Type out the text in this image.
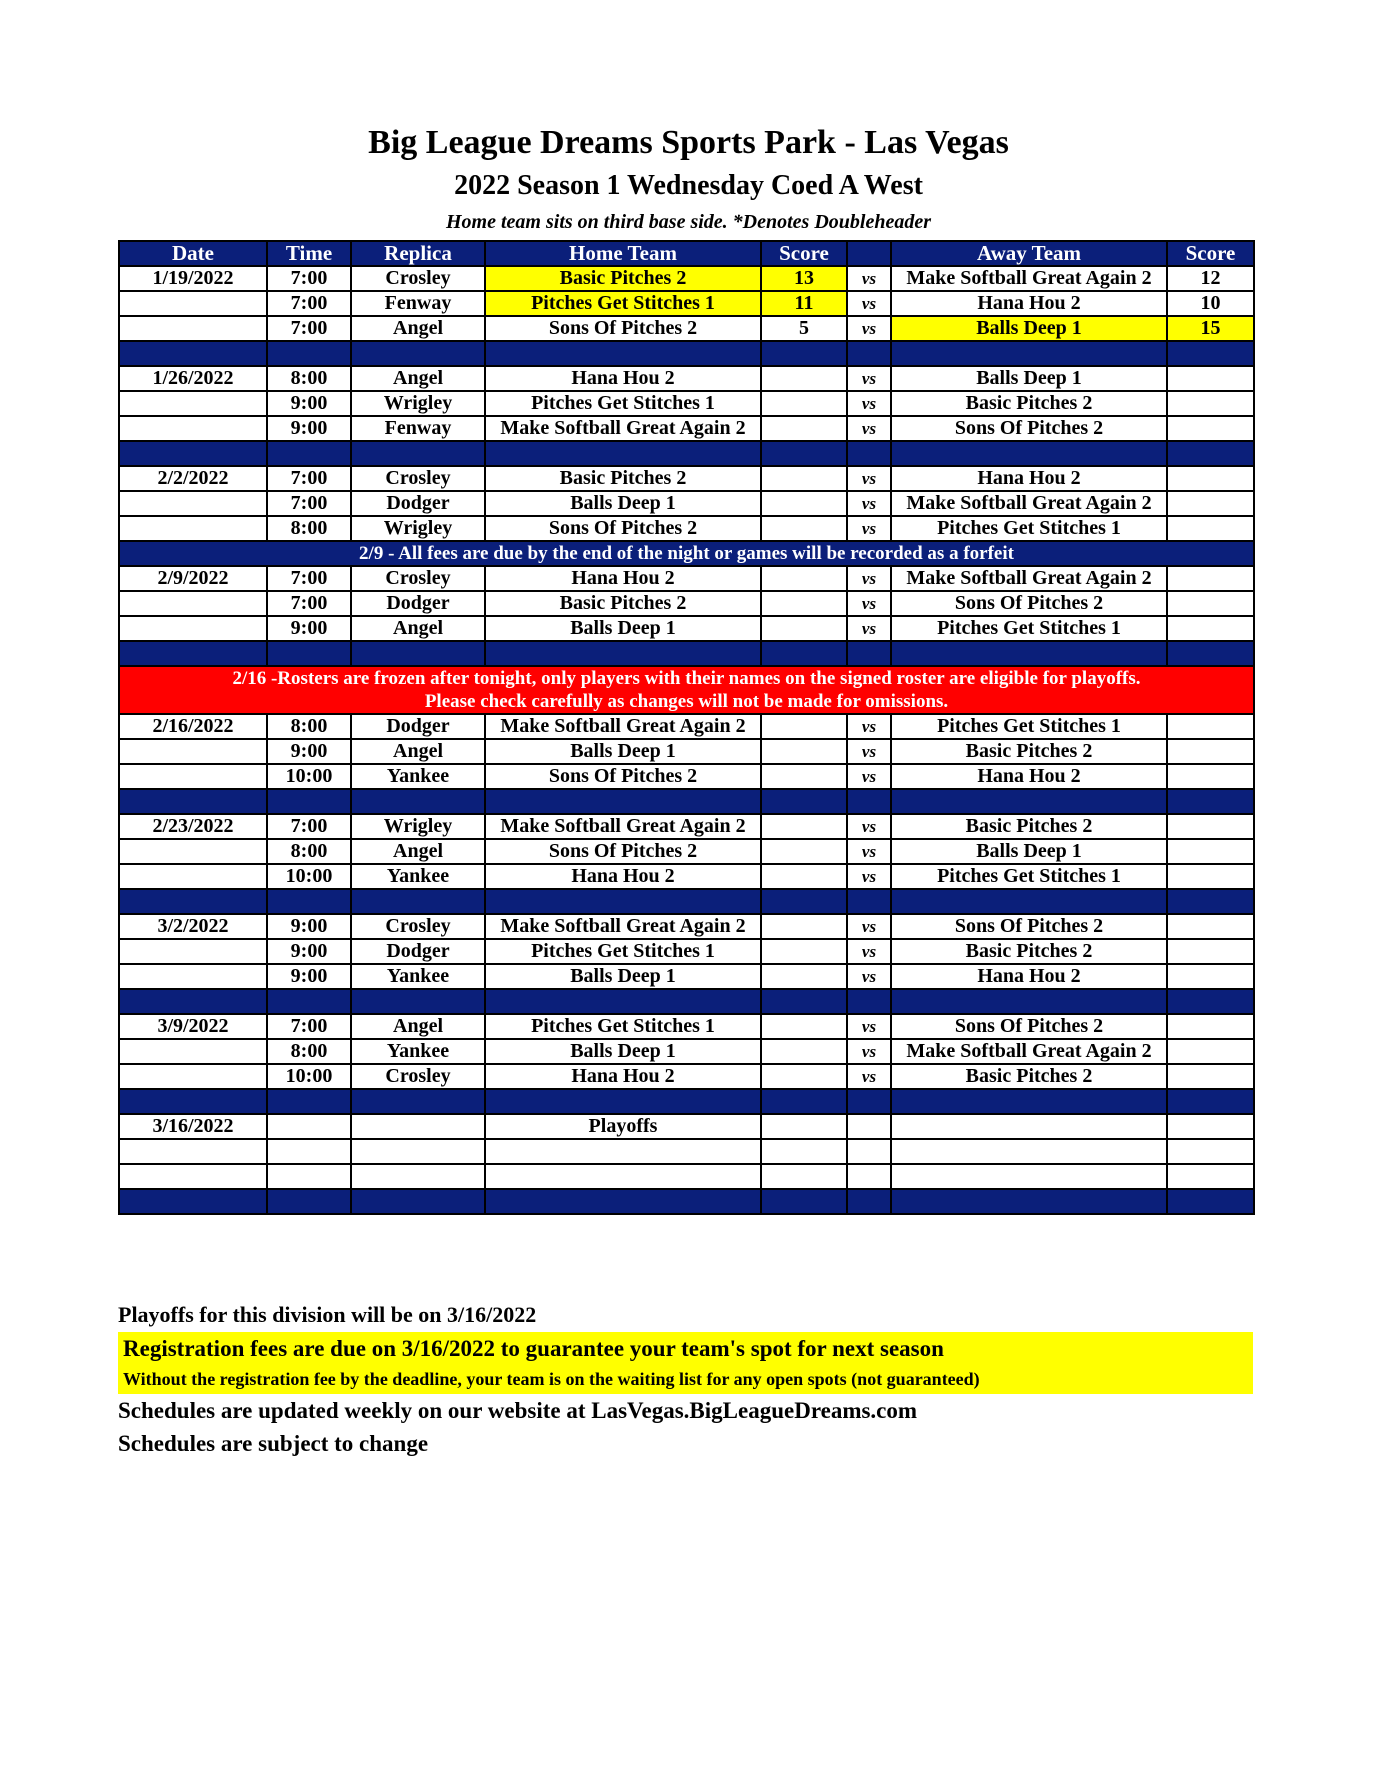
Big League Dreams Sports Park - Las Vegas
2022 Season 1 Wednesday Coed A West
Home team sits on third base side. *Denotes Doubleheader
Date	Time	Replica	Home Team	Score		Away Team	Score
1/19/2022	7:00	Crosley	Basic Pitches 2	13	vs	Make Softball Great Again 2	12
	7:00	Fenway	Pitches Get Stitches 1	11	vs	Hana Hou 2	10
	7:00	Angel	Sons Of Pitches 2	5	vs	Balls Deep 1	15

1/26/2022	8:00	Angel	Hana Hou 2		vs	Balls Deep 1	
	9:00	Wrigley	Pitches Get Stitches 1		vs	Basic Pitches 2	
	9:00	Fenway	Make Softball Great Again 2		vs	Sons Of Pitches 2	

2/2/2022	7:00	Crosley	Basic Pitches 2		vs	Hana Hou 2	
	7:00	Dodger	Balls Deep 1		vs	Make Softball Great Again 2	
	8:00	Wrigley	Sons Of Pitches 2		vs	Pitches Get Stitches 1	
2/9 - All fees are due by the end of the night or games will be recorded as a forfeit							
2/9/2022	7:00	Crosley	Hana Hou 2		vs	Make Softball Great Again 2	
	7:00	Dodger	Basic Pitches 2		vs	Sons Of Pitches 2	
	9:00	Angel	Balls Deep 1		vs	Pitches Get Stitches 1	

2/16 -Rosters are frozen after tonight, only players with their names on the signed roster are eligible for playoffs.
Please check carefully as changes will not be made for omissions.							

2/16/2022	8:00	Dodger	Make Softball Great Again 2		vs	Pitches Get Stitches 1	
	9:00	Angel	Balls Deep 1		vs	Basic Pitches 2	
	10:00	Yankee	Sons Of Pitches 2		vs	Hana Hou 2	

2/23/2022	7:00	Wrigley	Make Softball Great Again 2		vs	Basic Pitches 2	
	8:00	Angel	Sons Of Pitches 2		vs	Balls Deep 1	
	10:00	Yankee	Hana Hou 2		vs	Pitches Get Stitches 1	

3/2/2022	9:00	Crosley	Make Softball Great Again 2		vs	Sons Of Pitches 2	
	9:00	Dodger	Pitches Get Stitches 1		vs	Basic Pitches 2	
	9:00	Yankee	Balls Deep 1		vs	Hana Hou 2	

3/9/2022	7:00	Angel	Pitches Get Stitches 1		vs	Sons Of Pitches 2	
	8:00	Yankee	Balls Deep 1		vs	Make Softball Great Again 2	
	10:00	Crosley	Hana Hou 2		vs	Basic Pitches 2	

3/16/2022			Playoffs				

Playoffs for this division will be on 3/16/2022
Registration fees are due on 3/16/2022 to guarantee your team's spot for next season
Without the registration fee by the deadline, your team is on the waiting list for any open spots (not guaranteed)
Schedules are updated weekly on our website at LasVegas.BigLeagueDreams.com
Schedules are subject to change
